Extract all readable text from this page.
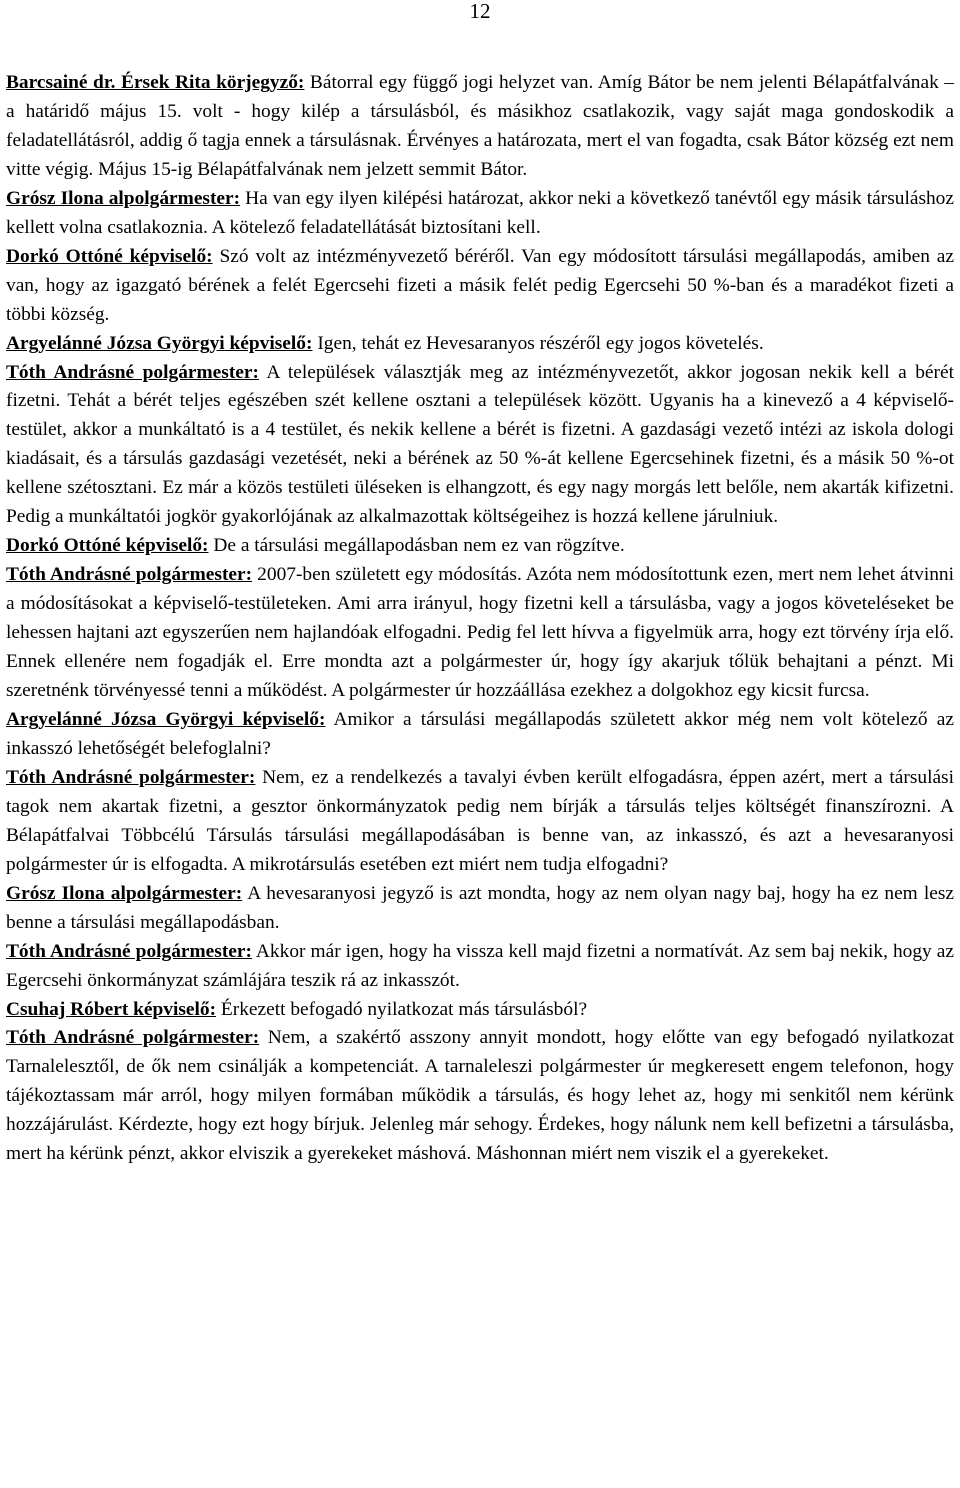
12

Barcsainé dr. Érsek Rita körjegyző: Bátorral egy függő jogi helyzet van. Amíg Bátor be nem jelenti Bélapátfalvának – a határidő május 15. volt - hogy kilép a társulásból, és másikhoz csatlakozik, vagy saját maga gondoskodik a feladatellátásról, addig ő tagja ennek a társulásnak. Érvényes a határozata, mert el van fogadta, csak Bátor község ezt nem vitte végig. Május 15-ig Bélapátfalvának nem jelzett semmit Bátor.

Grósz Ilona alpolgármester: Ha van egy ilyen kilépési határozat, akkor neki a következő tanévtől egy másik társuláshoz kellett volna csatlakoznia. A kötelező feladatellátását biztosítani kell.

Dorkó Ottóné képviselő: Szó volt az intézményvezető béréről. Van egy módosított társulási megállapodás, amiben az van, hogy az igazgató bérének a felét Egercsehi fizeti a másik felét pedig Egercsehi 50 %-ban és a maradékot fizeti a többi község.

Argyelánné Józsa Györgyi képviselő: Igen, tehát ez Hevesaranyos részéről egy jogos követelés.

Tóth Andrásné polgármester: A települések választják meg az intézményvezetőt, akkor jogosan nekik kell a bérét fizetni. Tehát a bérét teljes egészében szét kellene osztani a települések között. Ugyanis ha a kinevező a 4 képviselő-testület, akkor a munkáltató is a 4 testület, és nekik kellene a bérét is fizetni. A gazdasági vezető intézi az iskola dologi kiadásait, és a társulás gazdasági vezetését, neki a bérének az 50 %-át kellene Egercsehinek fizetni, és a másik 50 %-ot kellene szétosztani. Ez már a közös testületi üléseken is elhangzott, és egy nagy morgás lett belőle, nem akarták kifizetni. Pedig a munkáltatói jogkör gyakorlójának az alkalmazottak költségeihez is hozzá kellene járulniuk.

Dorkó Ottóné képviselő: De a társulási megállapodásban nem ez van rögzítve.

Tóth Andrásné polgármester: 2007-ben született egy módosítás. Azóta nem módosítottunk ezen, mert nem lehet átvinni a módosításokat a képviselő-testületeken. Ami arra irányul, hogy fizetni kell a társulásba, vagy a jogos követeléseket be lehessen hajtani azt egyszerűen nem hajlandóak elfogadni. Pedig fel lett hívva a figyelmük arra, hogy ezt törvény írja elő. Ennek ellenére nem fogadják el. Erre mondta azt a polgármester úr, hogy így akarjuk tőlük behajtani a pénzt. Mi szeretnénk törvényessé tenni a működést. A polgármester úr hozzáállása ezekhez a dolgokhoz egy kicsit furcsa.

Argyelánné Józsa Györgyi képviselő: Amikor a társulási megállapodás született akkor még nem volt kötelező az inkasszó lehetőségét belefoglalni?

Tóth Andrásné polgármester: Nem, ez a rendelkezés a tavalyi évben került elfogadásra, éppen azért, mert a társulási tagok nem akartak fizetni, a gesztor önkormányzatok pedig nem bírják a társulás teljes költségét finanszírozni. A Bélapátfalvai Többcélú Társulás társulási megállapodásában is benne van, az inkasszó, és azt a hevesaranyosi polgármester úr is elfogadta. A mikrotársulás esetében ezt miért nem tudja elfogadni?

Grósz Ilona alpolgármester: A hevesaranyosi jegyző is azt mondta, hogy az nem olyan nagy baj, hogy ha ez nem lesz benne a társulási megállapodásban.

Tóth Andrásné polgármester: Akkor már igen, hogy ha vissza kell majd fizetni a normatívát. Az sem baj nekik, hogy az Egercsehi önkormányzat számlájára teszik rá az inkasszót.

Csuhaj Róbert képviselő: Érkezett befogadó nyilatkozat más társulásból?

Tóth Andrásné polgármester: Nem, a szakértő asszony annyit mondott, hogy előtte van egy befogadó nyilatkozat Tarnalelesztől, de ők nem csinálják a kompetenciát. A tarnaleleszi polgármester úr megkeresett engem telefonon, hogy tájékoztassam már arról, hogy milyen formában működik a társulás, és hogy lehet az, hogy mi senkitől nem kérünk hozzájárulást. Kérdezte, hogy ezt hogy bírjuk. Jelenleg már sehogy. Érdekes, hogy nálunk nem kell befizetni a társulásba, mert ha kérünk pénzt, akkor elviszik a gyerekeket máshová. Máshonnan miért nem viszik el a gyerekeket.
